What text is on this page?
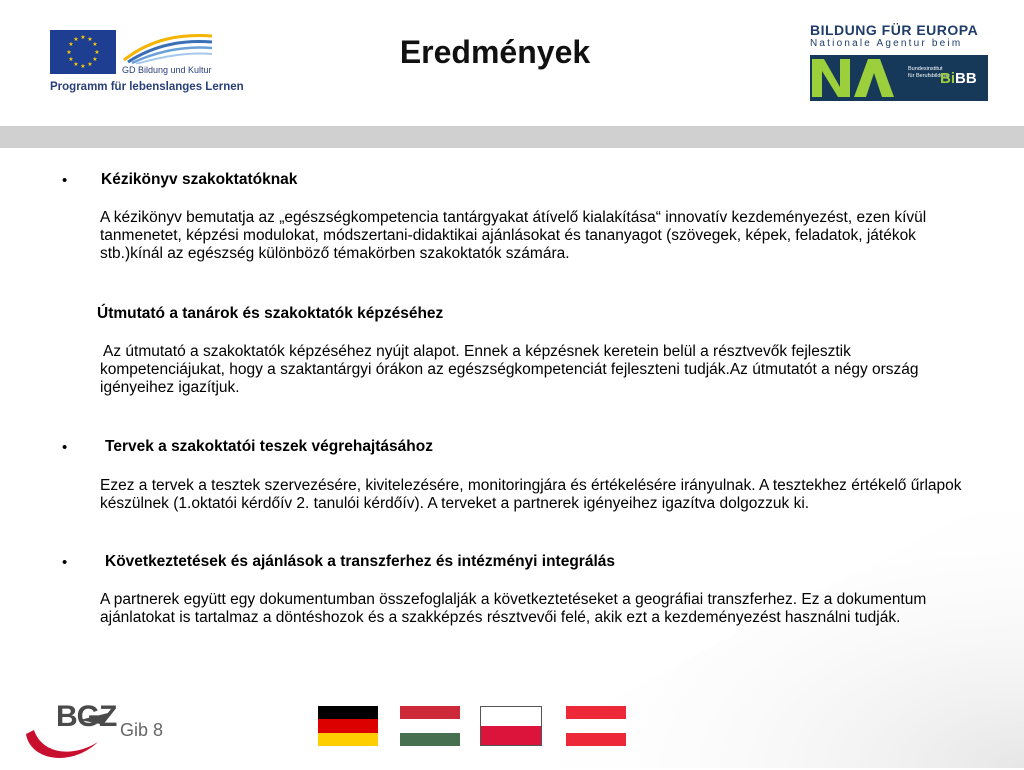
★ ★
★
★
★
★
★
★
★
★
★
★
GD Bildung und Kultur
Programm für lebenslanges Lernen
Eredmények
BILDUNG FÜR EUROPA
Nationale Agentur beim
Bundesinstitut
für Berufsbildung
BiBB
• Kézikönyv szakoktatóknak
A kézikönyv bemutatja az „egészségkompetencia tantárgyakat átívelő kialakítása“ innovatív kezdeményezést, ezen kívül tanmenetet, képzési modulokat, módszertani-didaktikai ajánlásokat és tananyagot (szövegek, képek, feladatok, játékok stb.)kínál az egészség különböző témakörben szakoktatók számára.
Útmutató a tanárok és szakoktatók képzéséhez
Az útmutató a szakoktatók képzéséhez nyújt alapot. Ennek a képzésnek keretein belül a résztvevők fejlesztik kompetenciájukat, hogy a szaktantárgyi órákon az egészségkompetenciát fejleszteni tudják.Az útmutatót a négy ország igényeihez igazítjuk.
• Tervek a szakoktatói teszek végrehajtásához
Ezez a tervek a tesztek szervezésére, kivitelezésére, monitoringjára és értékelésére irányulnak. A tesztekhez értékelő űrlapok készülnek (1.oktatói kérdőív 2. tanulói kérdőív). A terveket a partnerek igényeihez igazítva dolgozzuk ki.
• Következtetések és ajánlások a transzferhez és intézményi integrálás
A partnerek együtt egy dokumentumban összefoglalják a következtetéseket a geográfiai transzferhez. Ez a dokumentum ajánlatokat is tartalmaz a döntéshozok és a szakképzés résztvevői felé, akik ezt a kezdeményezést használni tudják.
BGZ Gib 8
